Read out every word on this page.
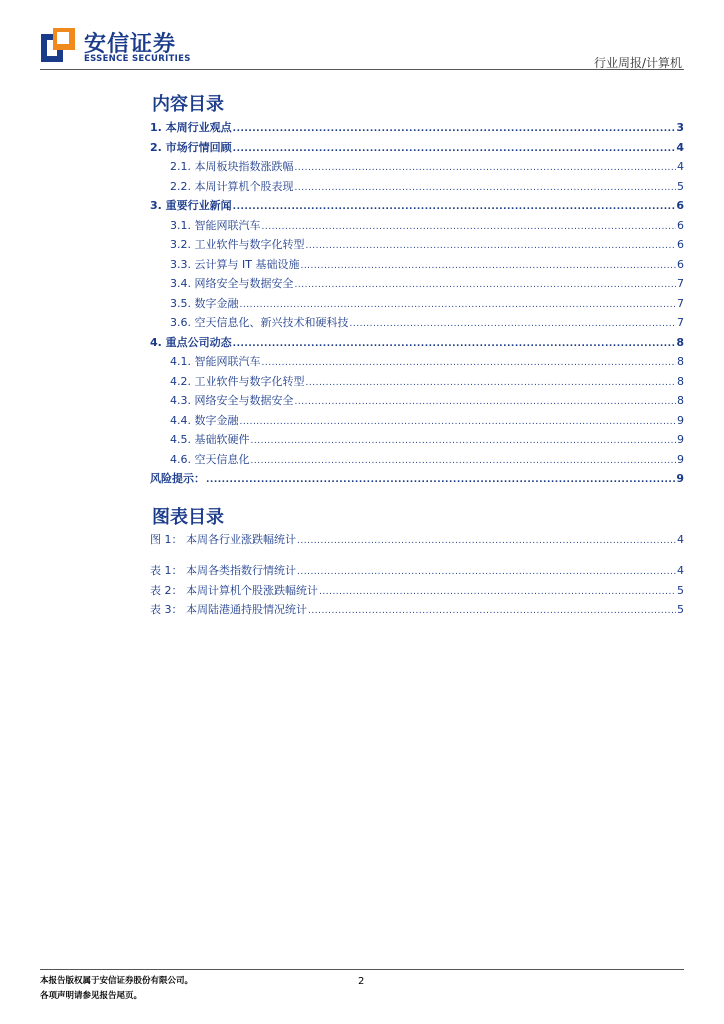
安信证券
ESSENCE SECURITIES	行业周报/计算机
内容目录
1. 本周行业观点 .....	3
2. 市场行情回顾 .....	4
2.1. 本周板块指数涨跌幅 .....	4
2.2. 本周计算机个股表现 .....	5
3. 重要行业新闻 .....	6
3.1. 智能网联汽车 .....	6
3.2. 工业软件与数字化转型 .....	6
3.3. 云计算与 IT 基础设施 .....	6
3.4. 网络安全与数据安全 .....	7
3.5. 数字金融 .....	7
3.6. 空天信息化、新兴技术和硬科技 .....	7
4. 重点公司动态 .....	8
4.1. 智能网联汽车 .....	8
4.2. 工业软件与数字化转型 .....	8
4.3. 网络安全与数据安全 .....	8
4.4. 数字金融 .....	9
4.5. 基础软硬件 .....	9
4.6. 空天信息化 .....	9
风险提示： .....	9
图表目录
图 1： 本周各行业涨跌幅统计 .....	4
表 1： 本周各类指数行情统计 .....	4
表 2： 本周计算机个股涨跌幅统计 .....	5
表 3： 本周陆港通持股情况统计 .....	5
本报告版权属于安信证券股份有限公司。
各项声明请参见报告尾页。
2
